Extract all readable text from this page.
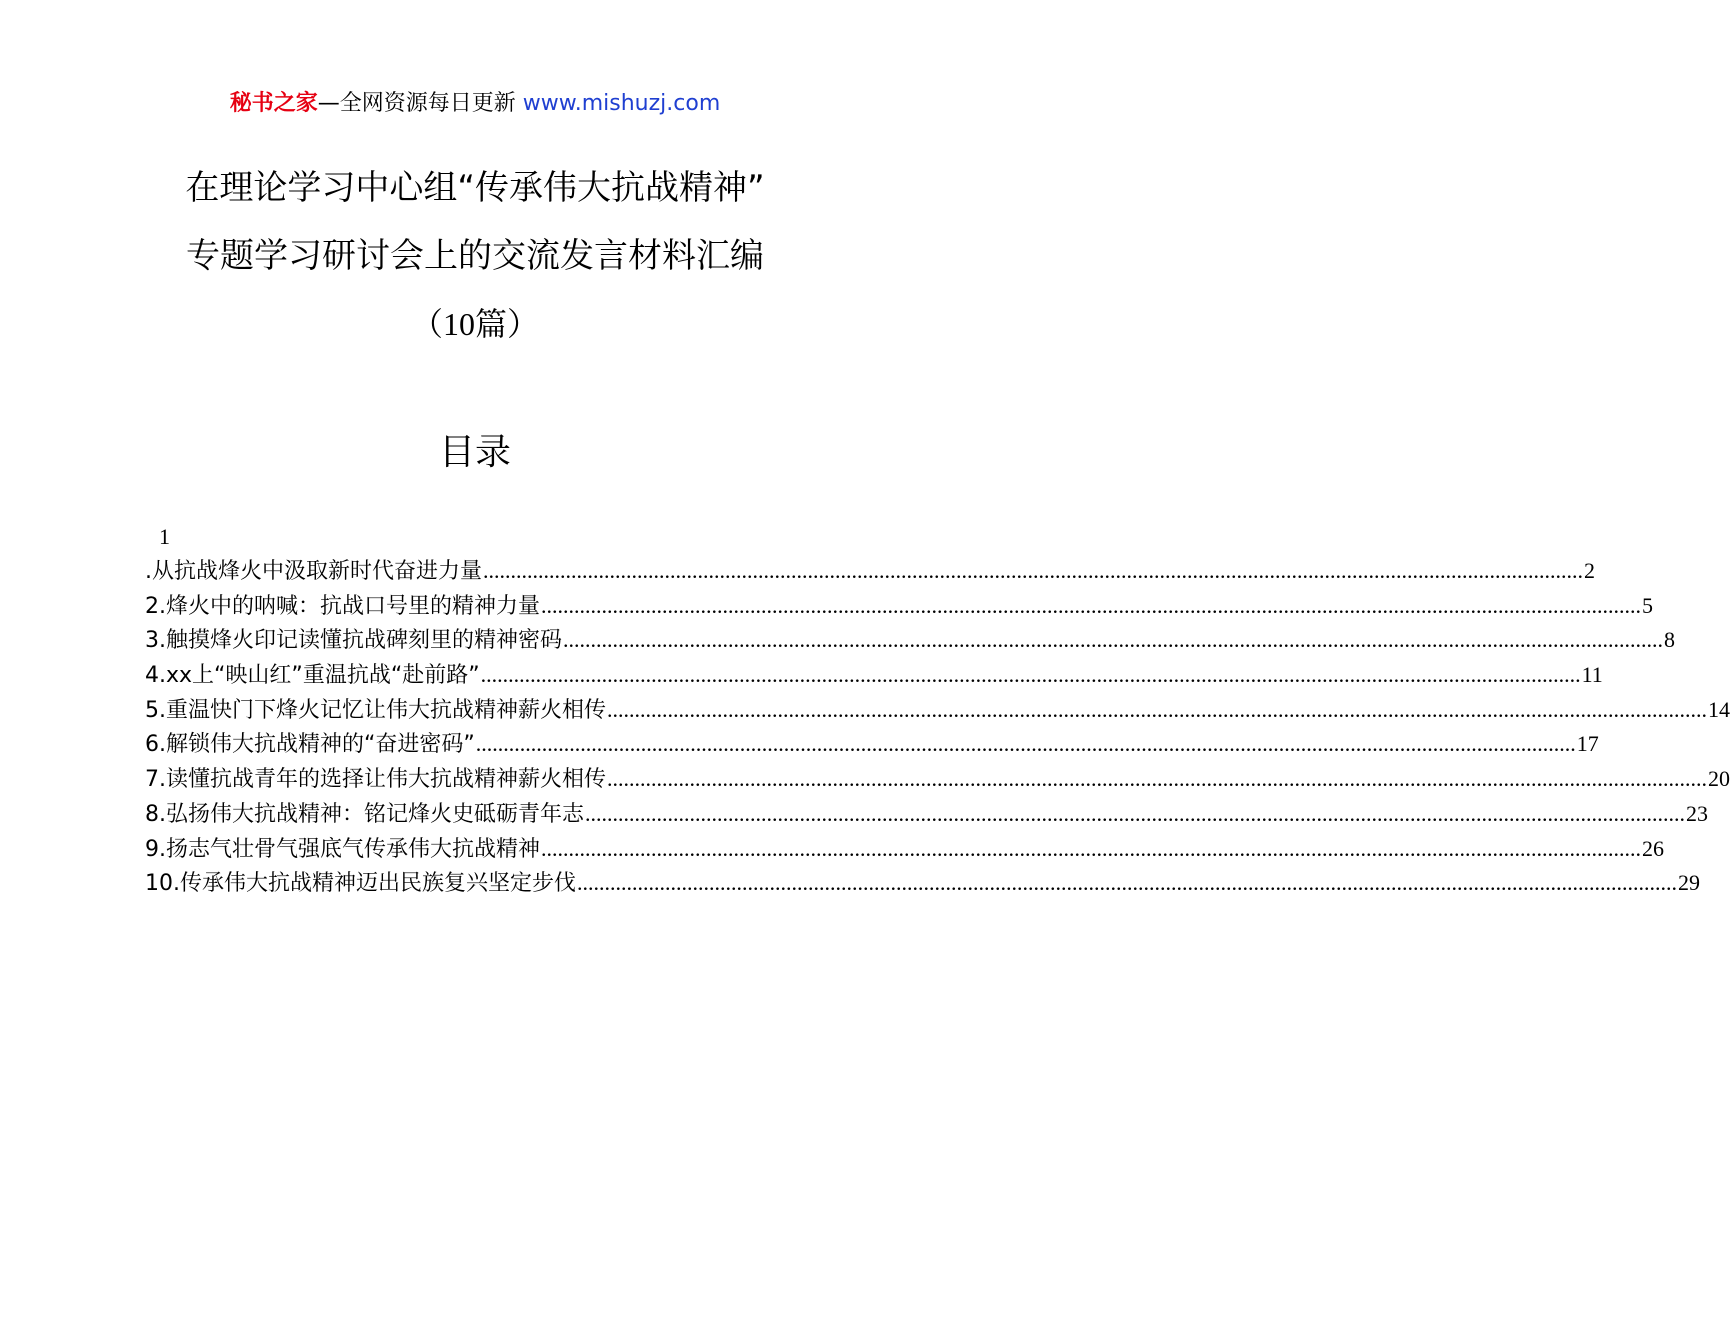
秘书之家—全网资源每日更新 www.mishuzj.com
在理论学习中心组“传承伟大抗战精神”
专题学习研讨会上的交流发言材料汇编
（10篇）
目录
1
.从抗战烽火中汲取新时代奋进力量 ........................................................................................................................................................................................................ 2
2.烽火中的呐喊：抗战口号里的精神力量 ........................................................................................................................................................................................................ 5
3.触摸烽火印记读懂抗战碑刻里的精神密码 ........................................................................................................................................................................................................ 8
4.xx上“映山红”重温抗战“赴前路” ........................................................................................................................................................................................................ 11
5.重温快门下烽火记忆让伟大抗战精神薪火相传 ........................................................................................................................................................................................................ 14
6.解锁伟大抗战精神的“奋进密码” ........................................................................................................................................................................................................ 17
7.读懂抗战青年的选择让伟大抗战精神薪火相传 ........................................................................................................................................................................................................ 20
8.弘扬伟大抗战精神：铭记烽火史砥砺青年志 ........................................................................................................................................................................................................ 23
9.扬志气壮骨气强底气传承伟大抗战精神 ........................................................................................................................................................................................................ 26
10.传承伟大抗战精神迈出民族复兴坚定步伐 ........................................................................................................................................................................................................ 29
